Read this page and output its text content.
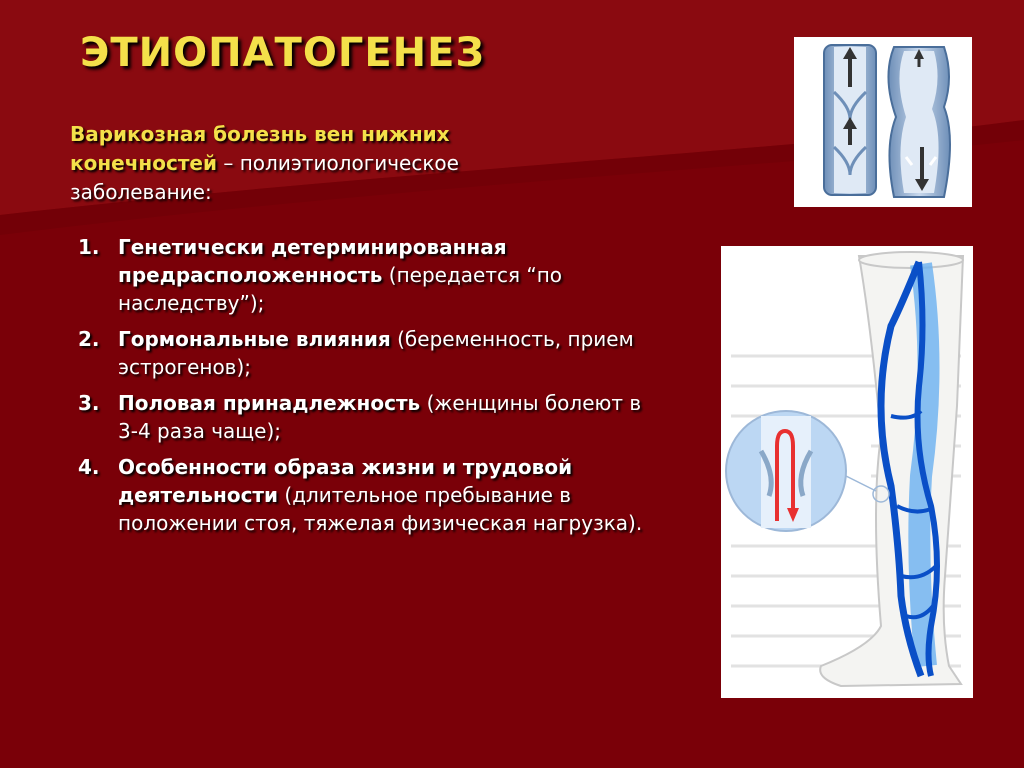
ЭТИОПАТОГЕНЕЗ
Варикозная болезнь вен нижних конечностей – полиэтиологическое заболевание:
1. Генетически детерминированная предрасположенность (передается “по наследству”);
2. Гормональные влияния (беременность, прием эстрогенов);
3. Половая принадлежность (женщины болеют в 3-4 раза чаще);
4. Особенности образа жизни и трудовой деятельности (длительное пребывание в положении стоя, тяжелая физическая нагрузка).
